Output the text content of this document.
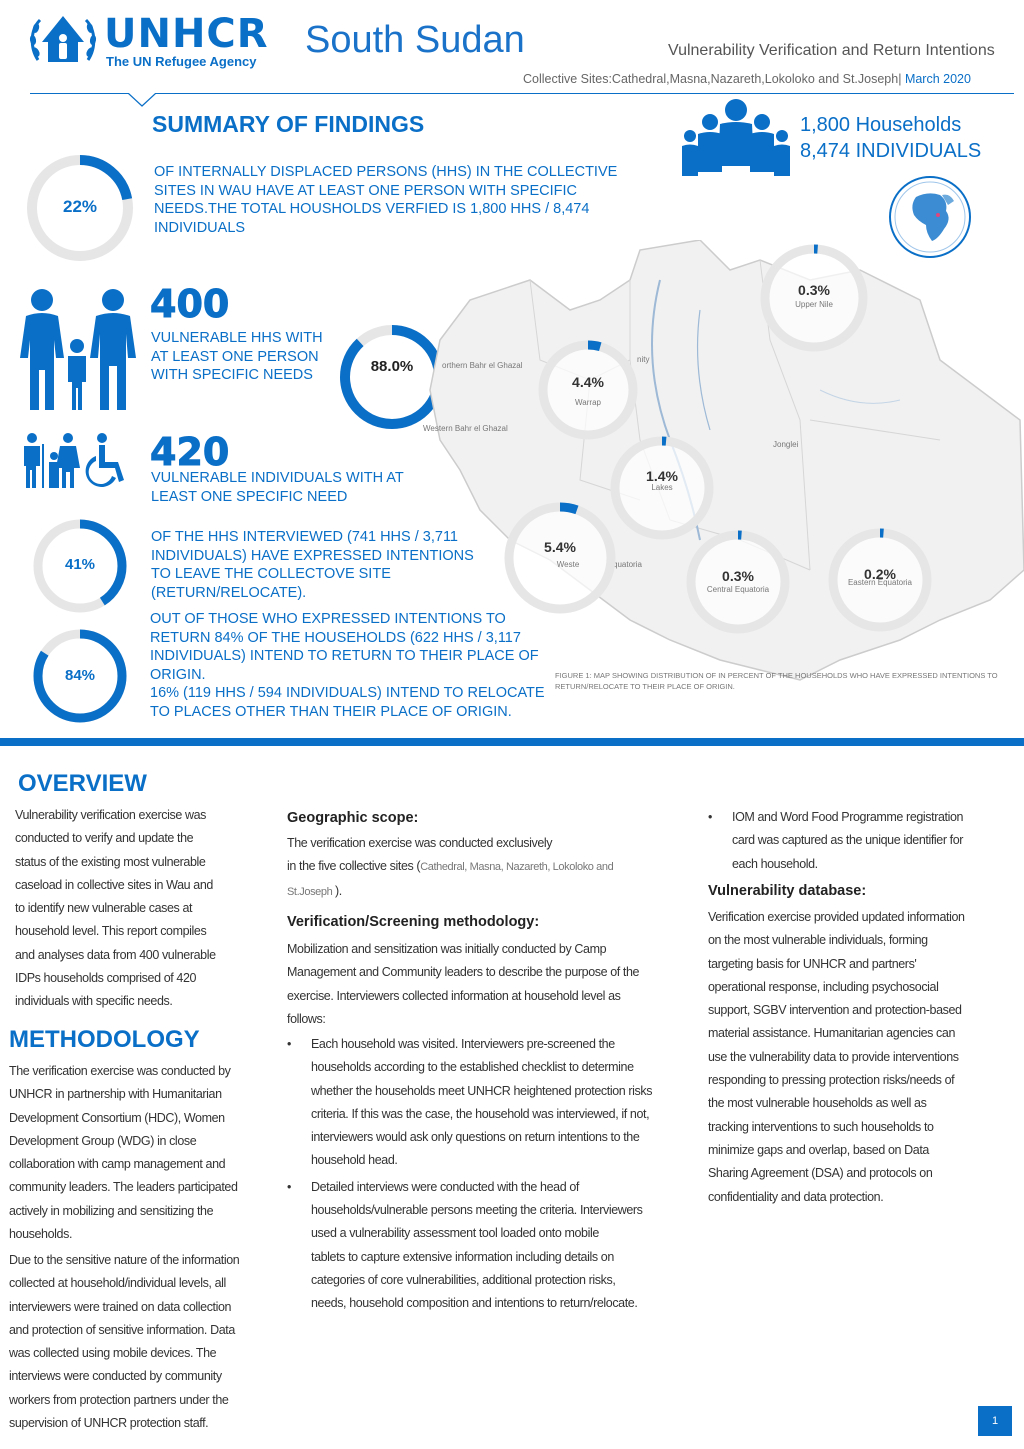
UNHCR
The UN Refugee Agency
South Sudan	Vulnerability Verification and Return Intentions
Collective Sites:Cathedral,Masna,Nazareth,Lokoloko and St.Joseph| March 2020
SUMMARY OF FINDINGS
22%
OF INTERNALLY DISPLACED PERSONS (HHS) IN THE COLLECTIVE SITES IN WAU HAVE AT LEAST ONE PERSON WITH SPECIFIC NEEDS.THE TOTAL HOUSHOLDS VERFIED IS 1,800 HHS / 8,474 INDIVIDUALS
1,800 Households
8,474 INDIVIDUALS
400
VULNERABLE HHS WITH AT LEAST ONE PERSON WITH SPECIFIC NEEDS	88.0%
420
VULNERABLE INDIVIDUALS WITH AT LEAST ONE SPECIFIC NEED
41%
OF THE HHS INTERVIEWED (741 HHS / 3,711 INDIVIDUALS) HAVE EXPRESSED INTENTIONS TO LEAVE THE COLLECTOVE SITE (RETURN/RELOCATE).
84%
OUT OF THOSE WHO EXPRESSED INTENTIONS TO RETURN 84% OF THE HOUSEHOLDS (622 HHS / 3,117 INDIVIDUALS) INTEND TO RETURN TO THEIR PLACE OF ORIGIN.
16% (119 HHS / 594 INDIVIDUALS) INTEND TO RELOCATE TO PLACES OTHER THAN THEIR PLACE OF ORIGIN.
orthern Bahr el Ghazal
Western Bahr el Ghazal
nity
Jonglei
quatoria
0.3%
Upper Nile
4.4%
Warrap
1.4%
Lakes
5.4%
Weste
0.3%
Central Equatoria
0.2%
Eastern Equatoria
FIGURE 1: MAP SHOWING DISTRIBUTION OF IN PERCENT OF THE HOUSEHOLDS WHO HAVE EXPRESSED INTENTIONS TO RETURN/RELOCATE TO THEIR PLACE OF ORIGIN.
OVERVIEW
Vulnerability verification exercise was
conducted to verify and update the
status of the existing most vulnerable
caseload in collective sites in Wau and
to identify new vulnerable cases at
household level. This report compiles
and analyses data from 400 vulnerable
IDPs households comprised of 420
individuals with specific needs.
METHODOLOGY
The verification exercise was conducted by
UNHCR in partnership with Humanitarian
Development Consortium (HDC), Women
Development Group (WDG) in close
collaboration with camp management and
community leaders. The leaders participated
actively in mobilizing and sensitizing the
households.
Due to the sensitive nature of the information
collected at household/individual levels, all
interviewers were trained on data collection
and protection of sensitive information. Data
was collected using mobile devices. The
interviews were conducted by community
workers from protection partners under the
supervision of UNHCR protection staff.
Geographic scope:
The verification exercise was conducted exclusively
in the five collective sites (Cathedral, Masna, Nazareth, Lokoloko and
St.Joseph ).
Verification/Screening methodology:
Mobilization and sensitization was initially conducted by Camp
Management and Community leaders to describe the purpose of the
exercise. Interviewers collected information at household level as
follows:
• Each household was visited. Interviewers pre-screened the
households according to the established checklist to determine
whether the households meet UNHCR heightened protection risks
criteria. If this was the case, the household was interviewed, if not,
interviewers would ask only questions on return intentions to the
household head.
• Detailed interviews were conducted with the head of
households/vulnerable persons meeting the criteria. Interviewers
used a vulnerability assessment tool loaded onto mobile
tablets to capture extensive information including details on
categories of core vulnerabilities, additional protection risks,
needs, household composition and intentions to return/relocate.
• IOM and Word Food Programme registration
card was captured as the unique identifier for
each household.
Vulnerability database:
Verification exercise provided updated information
on the most vulnerable individuals, forming
targeting basis for UNHCR and partners'
operational response, including psychosocial
support, SGBV intervention and protection-based
material assistance. Humanitarian agencies can
use the vulnerability data to provide interventions
responding to pressing protection risks/needs of
the most vulnerable households as well as
tracking interventions to such households to
minimize gaps and overlap, based on Data
Sharing Agreement (DSA) and protocols on
confidentiality and data protection.
1
